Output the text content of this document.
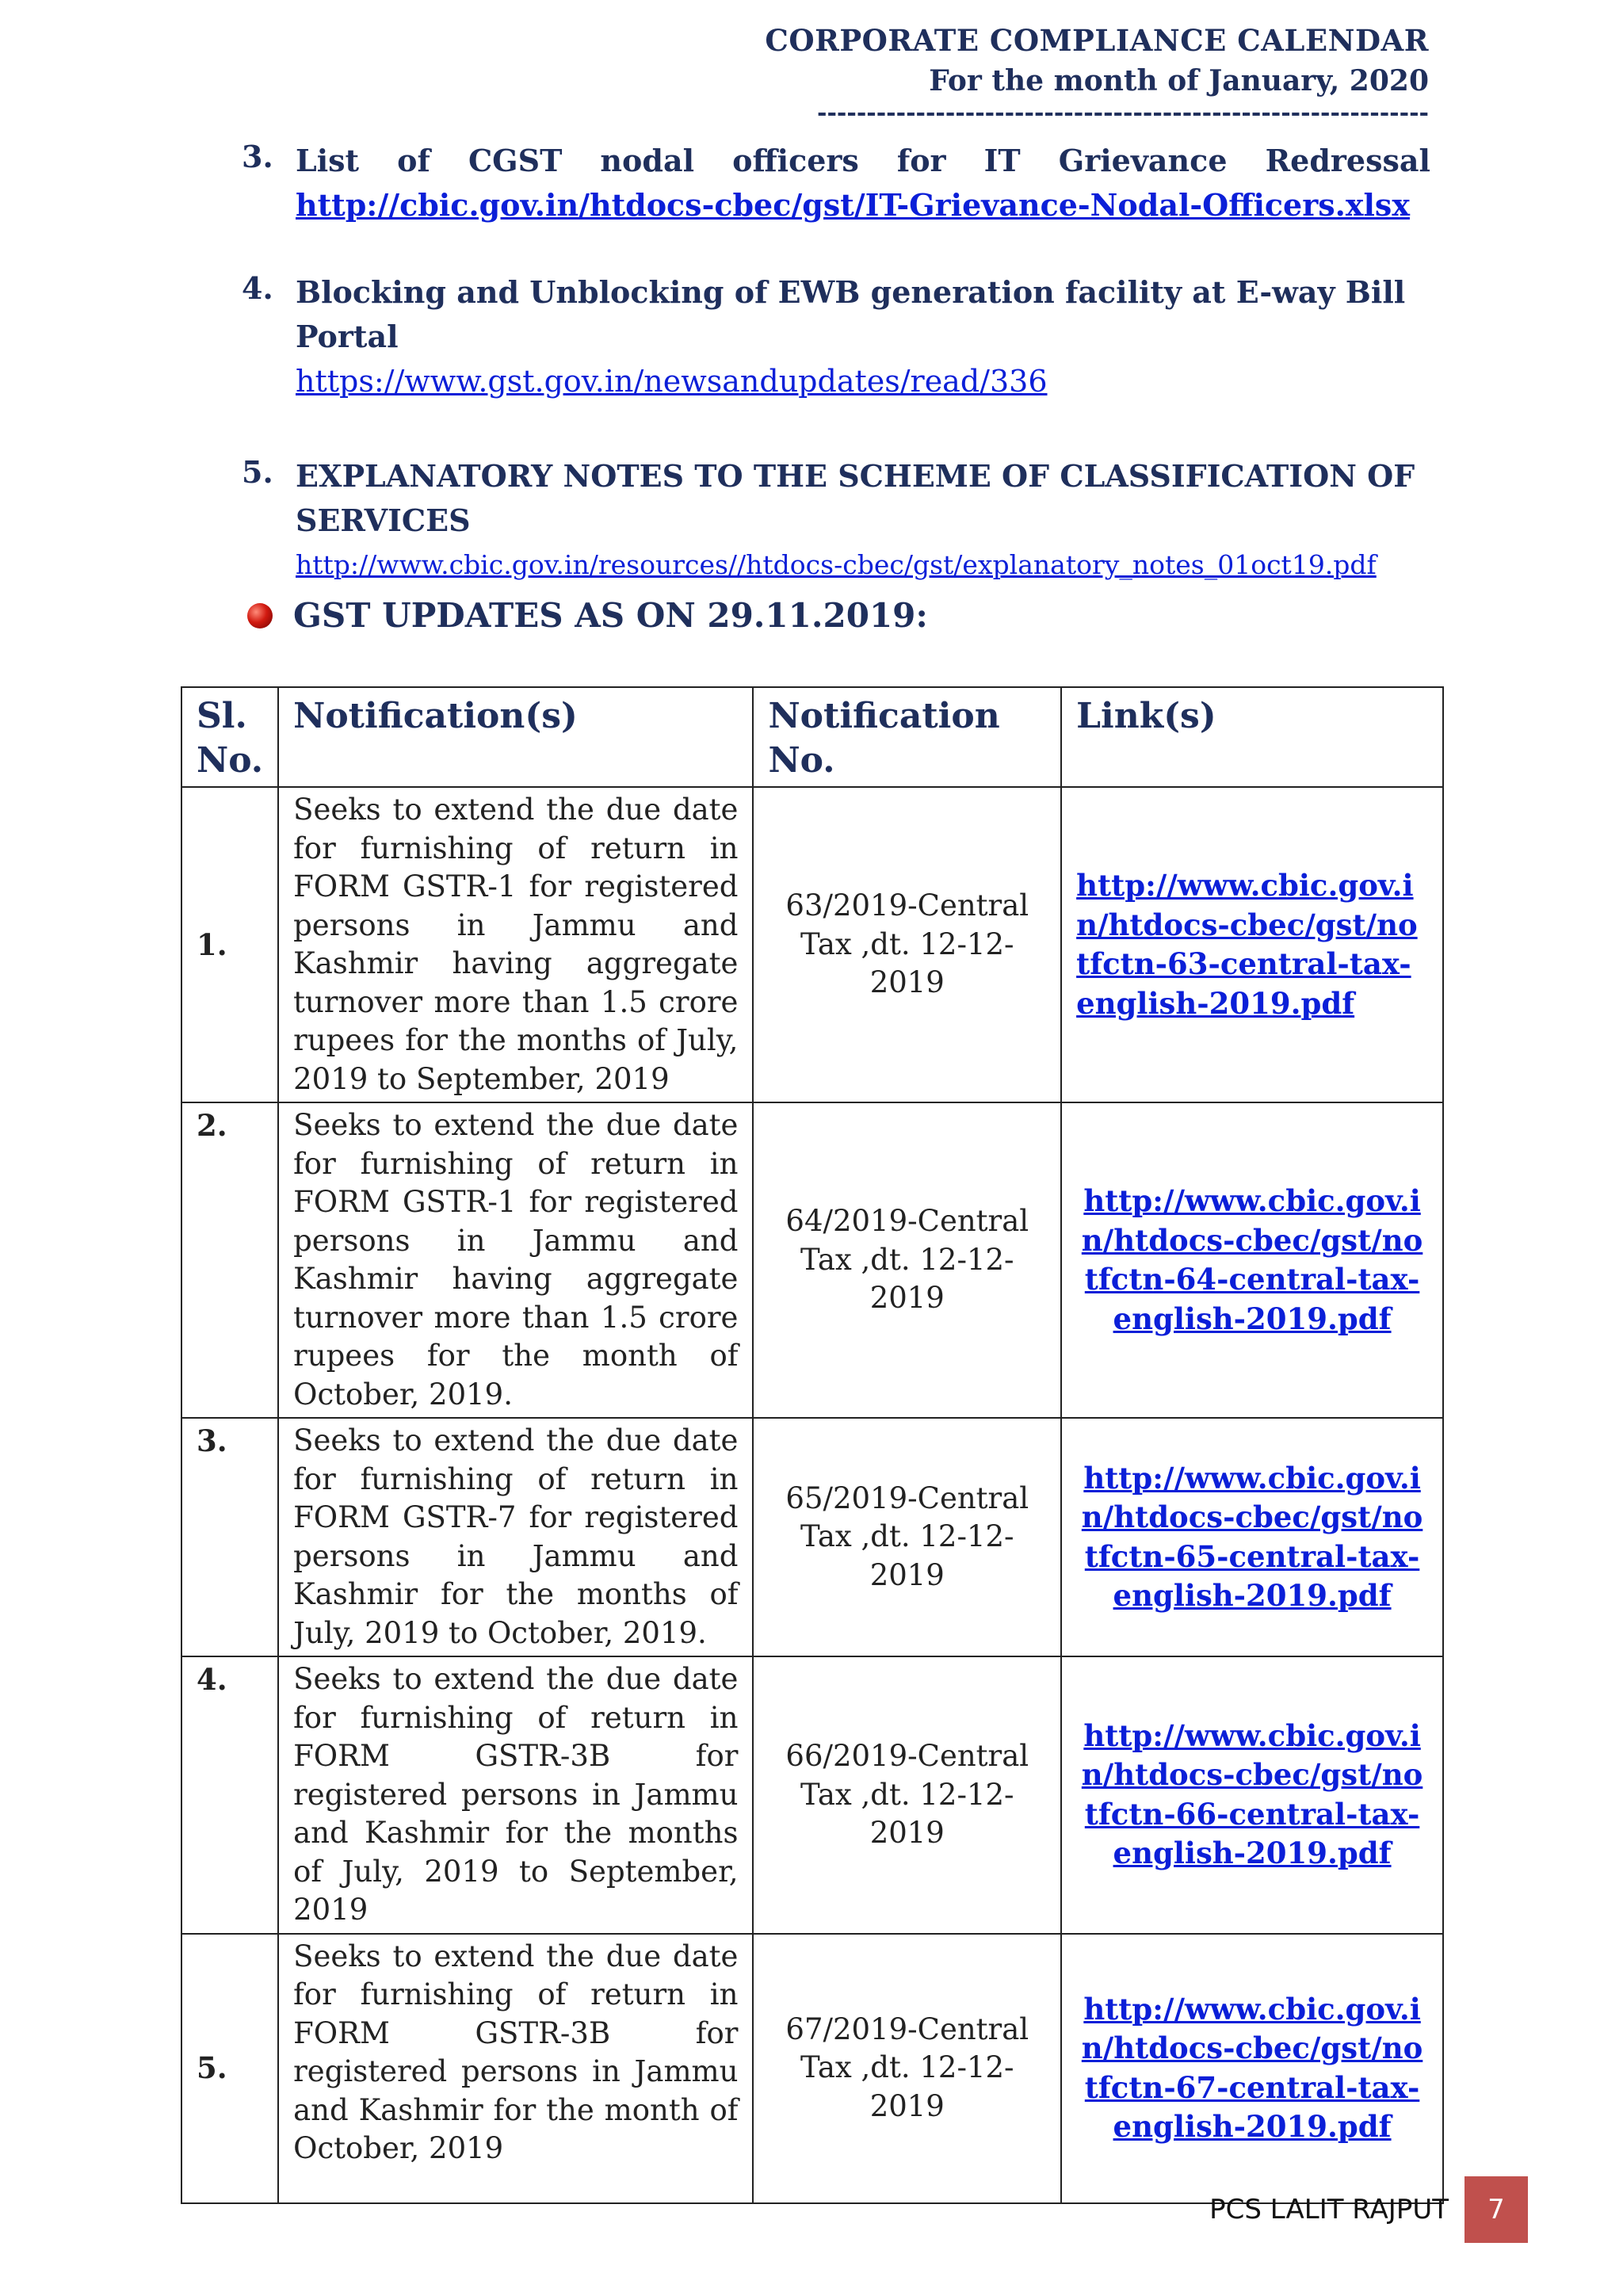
CORPORATE COMPLIANCE CALENDAR
For the month of January, 2020
--------------------------------------------------------------
3. List of CGST nodal officers for IT Grievance Redressal
http://cbic.gov.in/htdocs-cbec/gst/IT-Grievance-Nodal-Officers.xlsx
4. Blocking and Unblocking of EWB generation facility at E-way Bill Portal
https://www.gst.gov.in/newsandupdates/read/336
5. EXPLANATORY NOTES TO THE SCHEME OF CLASSIFICATION OF SERVICES
http://www.cbic.gov.in/resources//htdocs-cbec/gst/explanatory_notes_01oct19.pdf
GST UPDATES AS ON 29.11.2019:
Sl. No.	Notification(s)	Notification No.	Link(s)
1.	Seeks to extend the due date for furnishing of return in FORM GSTR-1 for registered persons in Jammu and Kashmir having aggregate turnover more than 1.5 crore rupees for the months of July, 2019 to September, 2019	63/2019-Central Tax ,dt. 12-12-2019	http://www.cbic.gov.in/htdocs-cbec/gst/notfctn-63-central-tax-english-2019.pdf
2.	Seeks to extend the due date for furnishing of return in FORM GSTR-1 for registered persons in Jammu and Kashmir having aggregate turnover more than 1.5 crore rupees for the month of October, 2019.	64/2019-Central Tax ,dt. 12-12-2019	http://www.cbic.gov.in/htdocs-cbec/gst/notfctn-64-central-tax-english-2019.pdf
3.	Seeks to extend the due date for furnishing of return in FORM GSTR-7 for registered persons in Jammu and Kashmir for the months of July, 2019 to October, 2019.	65/2019-Central Tax ,dt. 12-12-2019	http://www.cbic.gov.in/htdocs-cbec/gst/notfctn-65-central-tax-english-2019.pdf
4.	Seeks to extend the due date for furnishing of return in FORM GSTR-3B for registered persons in Jammu and Kashmir for the months of July, 2019 to September, 2019	66/2019-Central Tax ,dt. 12-12-2019	http://www.cbic.gov.in/htdocs-cbec/gst/notfctn-66-central-tax-english-2019.pdf
5.	Seeks to extend the due date for furnishing of return in FORM GSTR-3B for registered persons in Jammu and Kashmir for the month of October, 2019	67/2019-Central Tax ,dt. 12-12-2019	http://www.cbic.gov.in/htdocs-cbec/gst/notfctn-67-central-tax-english-2019.pdf
PCS LALIT RAJPUT	7
